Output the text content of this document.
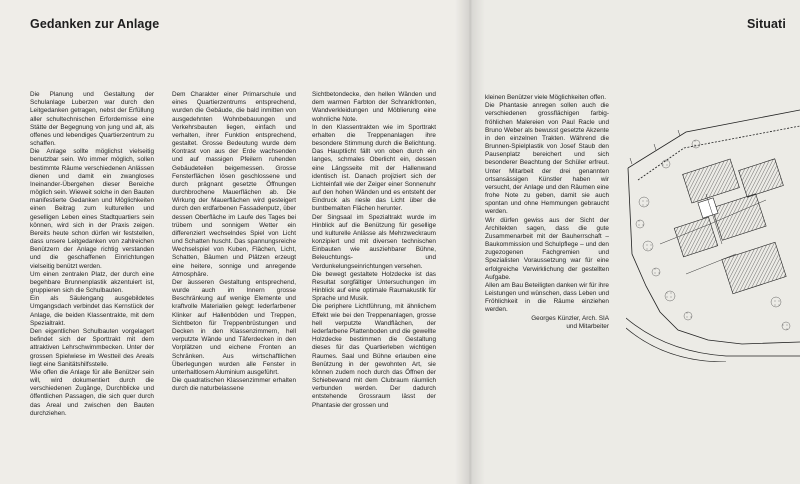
Gedanken zur Anlage	Situati

Die Planung und Gestaltung der Schulanlage Luberzen war durch den Leitgedanken getragen, nebst der Erfüllung aller schultechnischen Erfordernisse eine Stätte der Begegnung von jung und alt, als offenes und lebendiges Quartierzentrum zu schaffen.

Die Anlage sollte möglichst vielseitig benutzbar sein. Wo immer möglich, sollen bestimmte Räume verschiedenen Anlässen dienen und damit ein zwangloses Ineinander-Übergehen dieser Bereiche möglich sein. Wieweit solche in den Bauten manifestierte Gedanken und Möglichkeiten einen Beitrag zum kulturellen und geselligen Leben eines Stadtquartiers sein können, wird sich in der Praxis zeigen. Bereits heute schon dürfen wir feststellen, dass unsere Leitgedanken von zahlreichen Benützern der Anlage richtig verstanden und die geschaffenen Einrichtungen vielseitig benützt werden.

Um einen zentralen Platz, der durch eine begehbare Brunnenplastik akzentuiert ist, gruppieren sich die Schulbauten.

Ein als Säulengang ausgebildetes Umgangsdach verbindet das Kernstück der Anlage, die beiden Klassentrakte, mit dem Spezialtrakt.

Den eigentlichen Schulbauten vorgelagert befindet sich der Sporttrakt mit dem attraktiven Lehrschwimmbecken. Unter der grossen Spielwiese im Westteil des Areals liegt eine Sanitätshilfsstelle.

Wie offen die Anlage für alle Benützer sein will, wird dokumentiert durch die verschiedenen Zugänge, Durchblicke und öffentlichen Passagen, die sich quer durch das Areal und zwischen den Bauten durchziehen.

Dem Charakter einer Primarschule und eines Quartierzentrums entsprechend, wurden die Gebäude, die bald inmitten von ausgedehnten Wohnbebauungen und Verkehrsbauten liegen, einfach und verhalten, ihrer Funktion entsprechend, gestaltet. Grosse Bedeutung wurde dem Kontrast von aus der Erde wachsenden und auf massigen Pfeilern ruhenden Gebäudeteilen beigemessen. Grosse Fensterflächen lösen geschlossene und durch prägnant gesetzte Öffnungen durchbrochene Mauerflächen ab. Die Wirkung der Mauerflächen wird gesteigert durch den erdfarbenen Fassadenputz, über dessen Oberfläche im Laufe des Tages bei trübem und sonnigem Wetter ein differenziert wechselndes Spiel von Licht und Schatten huscht. Das spannungsreiche Wechselspiel von Kuben, Flächen, Licht, Schatten, Bäumen und Plätzen erzeugt eine heitere, sonnige und anregende Atmosphäre.

Der äusseren Gestaltung entsprechend, wurde auch im Innern grosse Beschränkung auf wenige Elemente und kraftvolle Materialien gelegt: lederfarbener Klinker auf Hallenböden und Treppen, Sichtbeton für Treppenbrüstungen und Decken in den Klassenzimmern, hell verputzte Wände und Täferdecken in den Vorplätzen und eichene Fronten an Schränken. Aus wirtschaftlichen Überlegungen wurden alle Fenster in unterhaltlosem Aluminium ausgeführt.

Die quadratischen Klassenzimmer erhalten durch die naturbelassene

Sichtbetondecke, den hellen Wänden und dem warmen Farbton der Schrankfronten, Wandverkleidungen und Möblierung eine wohnliche Note.

In den Klassentrakten wie im Sporttrakt erhalten die Treppenanlagen ihre besondere Stimmung durch die Belichtung. Das Hauptlicht fällt von oben durch ein langes, schmales Oberlicht ein, dessen eine Längsseite mit der Hallenwand identisch ist. Danach projiziert sich der Lichteinfall wie der Zeiger einer Sonnenuhr auf den hohen Wänden und es entsteht der Eindruck als riesle das Licht über die buntbemalten Flächen herunter.

Der Singsaal im Spezialtrakt wurde im Hinblick auf die Benützung für gesellige und kulturelle Anlässe als Mehrzweckraum konzipiert und mit diversen technischen Einbauten wie ausziehbarer Bühne, Beleuchtungs- und Verdunkelungseinrichtungen versehen.

Die bewegt gestaltete Holzdecke ist das Resultat sorgfältiger Untersuchungen im Hinblick auf eine optimale Raumakustik für Sprache und Musik.

Die periphere Lichtführung, mit ähnlichem Effekt wie bei den Treppenanlagen, grosse hell verputzte Wandflächen, der lederfarbene Plattenboden und die gewellte Holzdecke bestimmen die Gestaltung dieses für das Quartierleben wichtigen Raumes. Saal und Bühne erlauben eine Benützung in der gewohnten Art, sie können zudem noch durch das Öffnen der Schiebewand mit dem Clubraum räumlich verbunden werden. Der dadurch entstehende Grossraum lässt der Phantasie der grossen und

kleinen Benützer viele Möglichkeiten offen.

Die Phantasie anregen sollen auch die verschiedenen grossflächigen farbig-fröhlichen Malereien von Paul Racle und Bruno Weber als bewusst gesetzte Akzente in den einzelnen Trakten. Während die Brunnen-Spielplastik von Josef Staub den Pausenplatz bereichert und sich besonderer Beachtung der Schüler erfreut. Unter Mitarbeit der drei genannten ortsansässigen Künstler haben wir versucht, der Anlage und den Räumen eine frohe Note zu geben, damit sie auch spontan und ohne Hemmungen gebraucht werden.

Wir dürfen gewiss aus der Sicht der Architekten sagen, dass die gute Zusammenarbeit mit der Bauherrschaft – Baukommission und Schulpflege – und den zugezogenen Fachgremien und Spezialisten Voraussetzung war für eine erfolgreiche Verwirklichung der gestellten Aufgabe.

Allen am Bau Beteiligten danken wir für ihre Leistungen und wünschen, dass Leben und Fröhlichkeit in die Räume einziehen werden.

Georges Künzler, Arch. SIA

und Mitarbeiter
